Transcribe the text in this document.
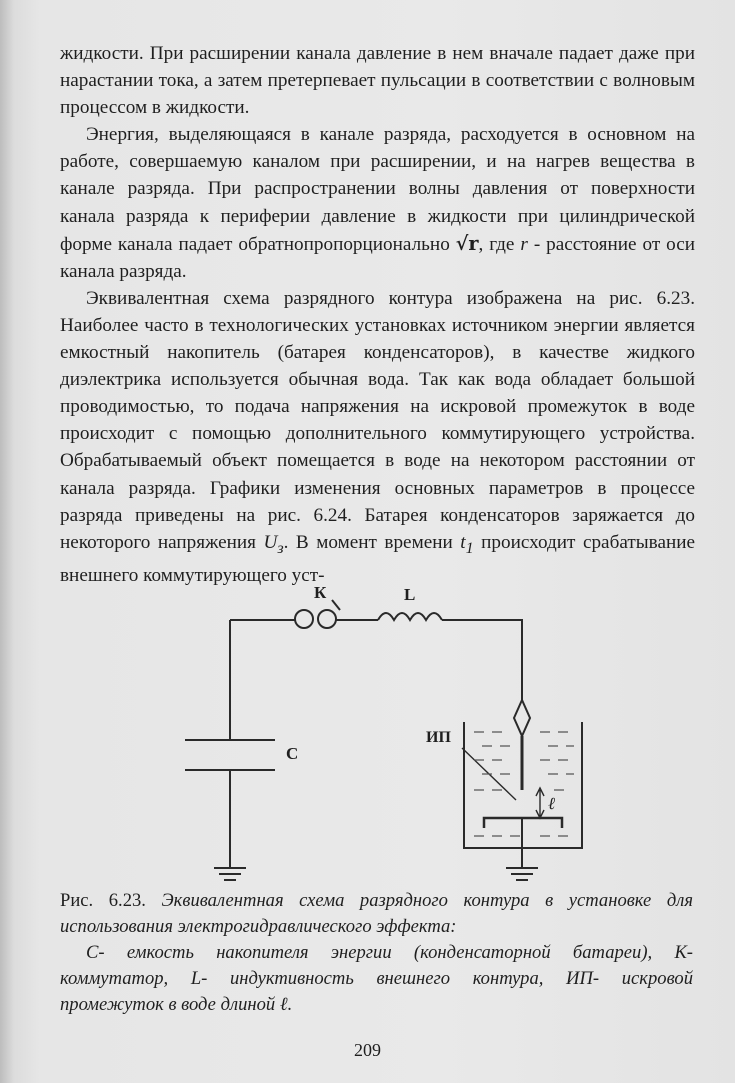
жидкости. При расширении канала давление в нем вначале падает даже при нарастании тока, а затем претерпевает пульсации в соответствии с волновым процессом в жидкости.

Энергия, выделяющаяся в канале разряда, расходуется в основном на работе, совершаемую каналом при расширении, и на нагрев вещества в канале разряда. При распространении волны давления от поверхности канала разряда к периферии давление в жидкости при цилиндрической форме канала падает обратнопропорционально √r, где r - расстояние от оси канала разряда.

Эквивалентная схема разрядного контура изображена на рис. 6.23. Наиболее часто в технологических установках источником энергии является емкостный накопитель (батарея конденсаторов), в качестве жидкого диэлектрика используется обычная вода. Так как вода обладает большой проводимостью, то подача напряжения на искровой промежуток в воде происходит с помощью дополнительного коммутирующего устройства. Обрабатываемый объект помещается в воде на некотором расстоянии от канала разряда. Графики изменения основных параметров в процессе разряда приведены на рис. 6.24. Батарея конденсаторов заряжается до некоторого напряжения $U_з$. В момент времени $t_1$ происходит срабатывание внешнего коммутирующего уст-

К	L
C
ИП
ℓ

Рис. 6.23. Эквивалентная схема разрядного контура в установке для использования электрогидравлического эффекта:

С- емкость накопителя энергии (конденсаторной батареи), К- коммутатор, L- индуктивность внешнего контура, ИП- искровой промежуток в воде длиной ℓ.

209
